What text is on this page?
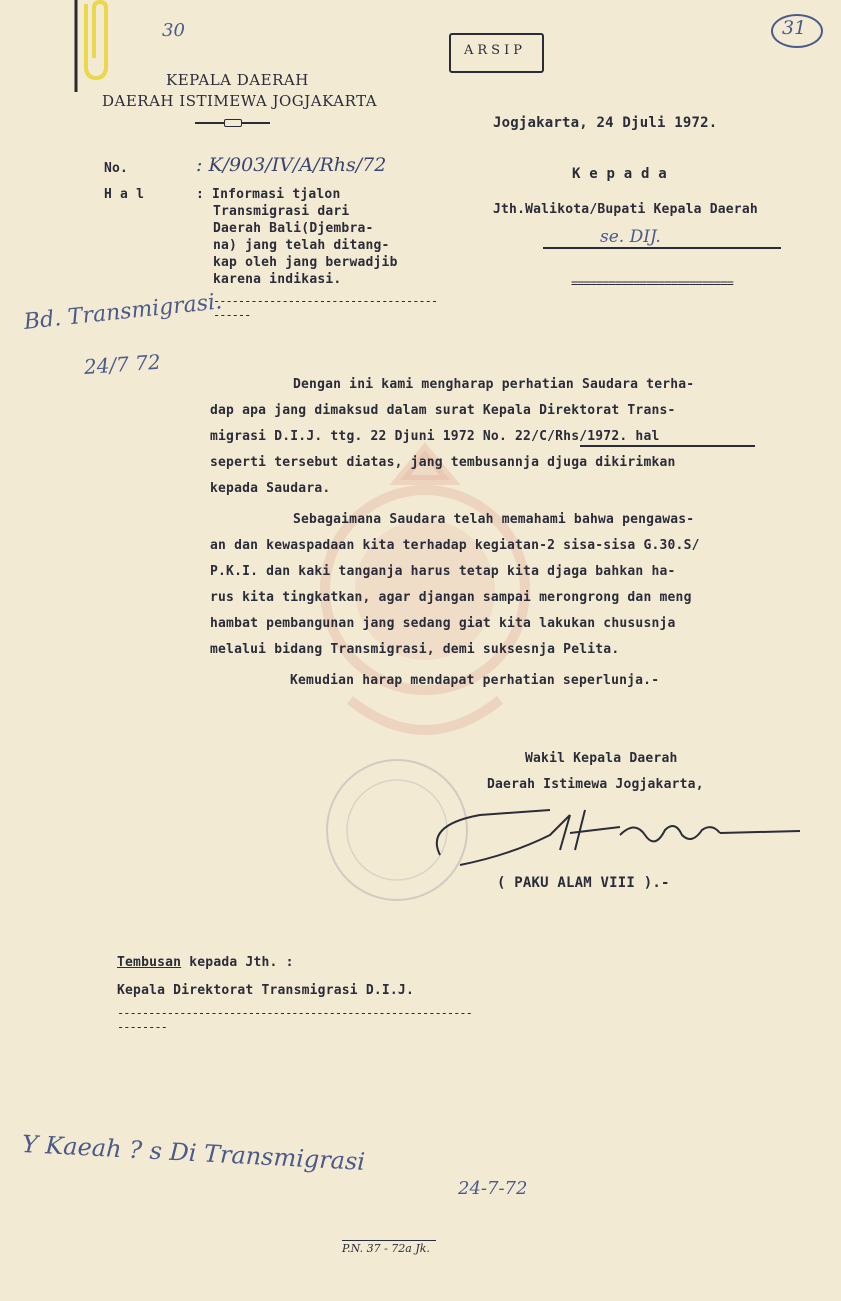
30
KEPALA DAERAH
DAERAH ISTIMEWA JOGJAKARTA
ARSIP
31
Jogjakarta, 24 Djuli 1972.
No.	: K/903/IV/A/Rhs/72
H a l	: Informasi tjalon
Transmigrasi dari
Daerah Bali(Djembra-
na) jang telah ditang-
kap oleh jang berwadjib
karena indikasi.
------------------------------------------
K e p a d a
Jth.Walikota/Bupati Kepala Daerah
se. DIJ.
==========================
Bd. Transmigrasi.
24/7 72
Dengan ini kami mengharap perhatian Saudara terha-
dap apa jang dimaksud dalam surat Kepala Direktorat Trans-
migrasi D.I.J. ttg. 22 Djuni 1972 No. 22/C/Rhs/1972. hal
seperti tersebut diatas, jang tembusannja djuga dikirimkan
kepada Saudara.
Sebagaimana Saudara telah memahami bahwa pengawas-
an dan kewaspadaan kita terhadap kegiatan-2 sisa-sisa G.30.S/
P.K.I. dan kaki tanganja harus tetap kita djaga bahkan ha-
rus kita tingkatkan, agar djangan sampai merongrong dan meng
hambat pembangunan jang sedang giat kita lakukan chususnja
melalui bidang Transmigrasi, demi suksesnja Pelita.
Kemudian harap mendapat perhatian seperlunja.-
Wakil Kepala Daerah
Daerah Istimewa Jogjakarta,
( PAKU ALAM VIII ).-
Tembusan kepada Jth. :
Kepala Direktorat Transmigrasi D.I.J.
-----------------------------------------------------------------
Y Kaeah ? s Di Transmigrasi
24-7-72
P.N. 37 - 72a Jk.
